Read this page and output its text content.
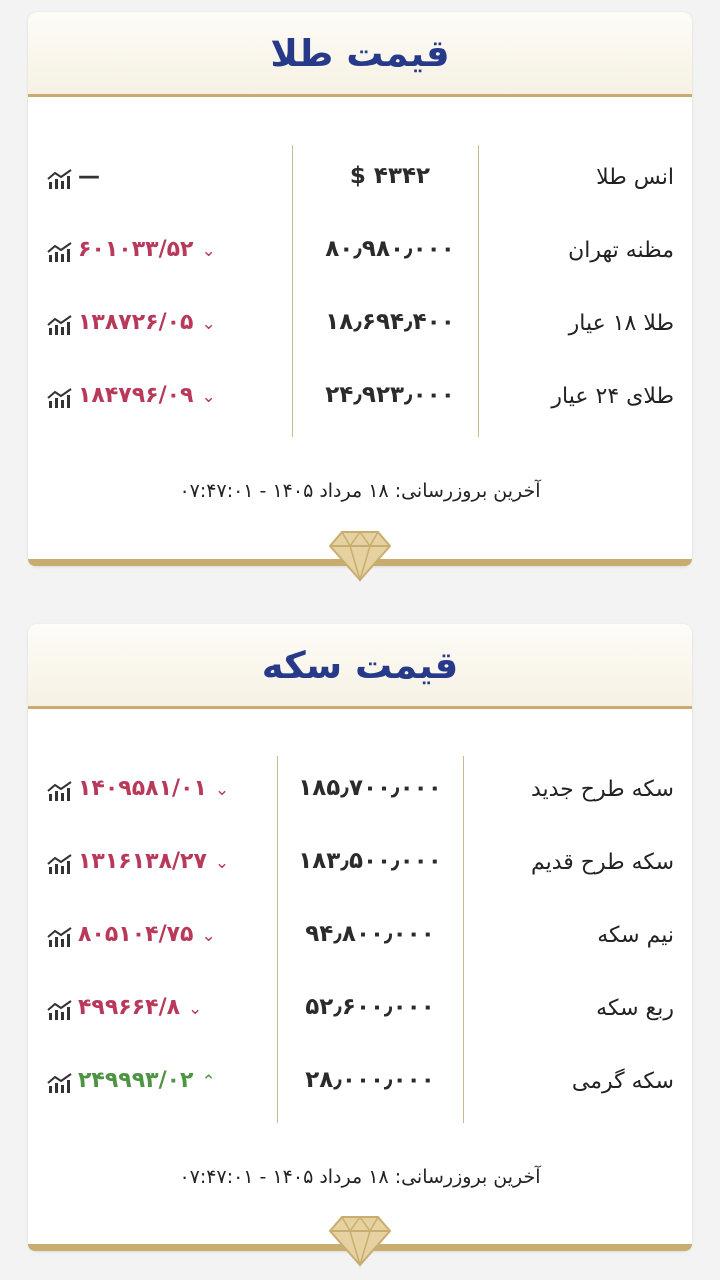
قیمت طلا
انس طلا
$ ۴۳۴۲
—
مظنه تهران
۸۰٫۹۸۰٫۰۰۰
۶۰۱۰۳۳/۵۲ ⌄
طلا ۱۸ عیار
۱۸٫۶۹۴٫۴۰۰
۱۳۸۷۲۶/۰۵ ⌄
طلای ۲۴ عیار
۲۴٫۹۲۳٫۰۰۰
۱۸۴۷۹۶/۰۹ ⌄
آخرین بروزرسانی: ۱۸ مرداد ۱۴۰۵ - ۰۷:۴۷:۰۱
قیمت سکه
سکه طرح جدید
۱۸۵٫۷۰۰٫۰۰۰
۱۴۰۹۵۸۱/۰۱ ⌄
سکه طرح قدیم
۱۸۳٫۵۰۰٫۰۰۰
۱۳۱۶۱۳۸/۲۷ ⌄
نیم سکه
۹۴٫۸۰۰٫۰۰۰
۸۰۵۱۰۴/۷۵ ⌄
ربع سکه
۵۲٫۶۰۰٫۰۰۰
۴۹۹۶۶۴/۸ ⌄
سکه گرمی
۲۸٫۰۰۰٫۰۰۰
۲۴۹۹۹۳/۰۲ ⌃
آخرین بروزرسانی: ۱۸ مرداد ۱۴۰۵ - ۰۷:۴۷:۰۱
